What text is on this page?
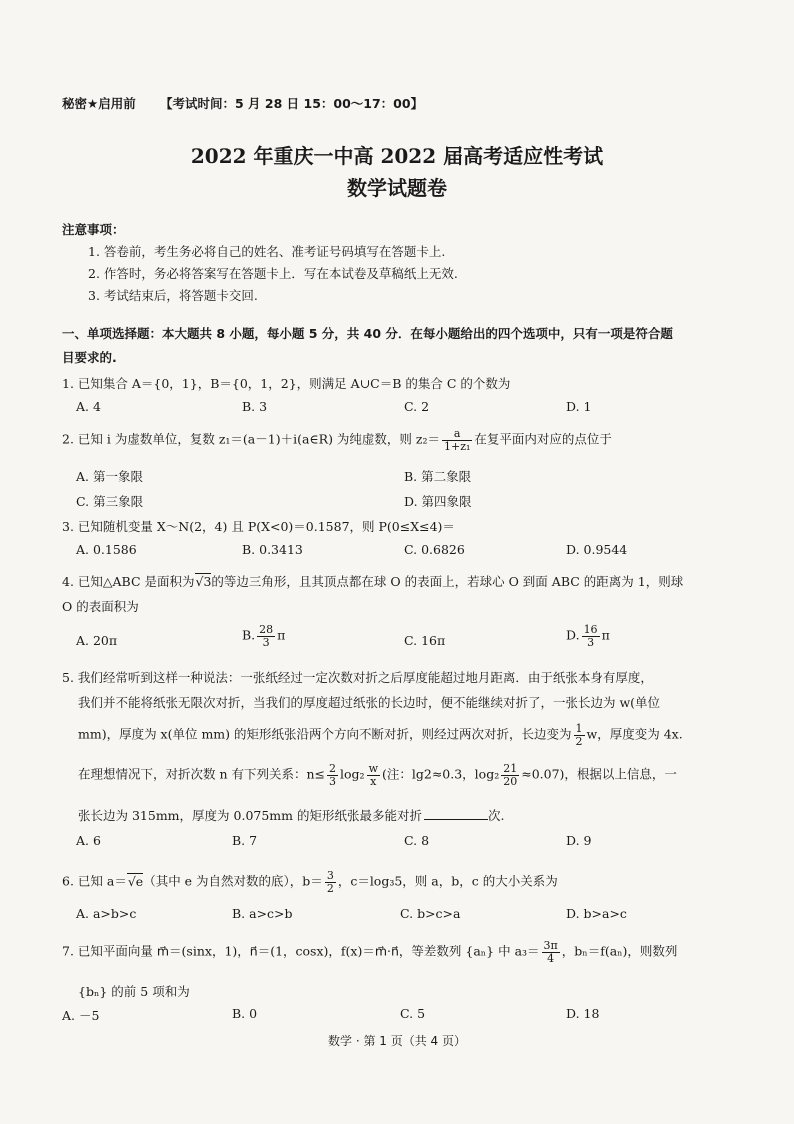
秘密★启用前 【考试时间：5 月 28 日 15：00～17：00】
2022 年重庆一中高 2022 届高考适应性考试
数学试题卷
注意事项：
1. 答卷前，考生务必将自己的姓名、准考证号码填写在答题卡上.
2. 作答时，务必将答案写在答题卡上．写在本试卷及草稿纸上无效.
3. 考试结束后，将答题卡交回.
一、单项选择题：本大题共 8 小题，每小题 5 分，共 40 分．在每小题给出的四个选项中，只有一项是符合题
目要求的.
1. 已知集合 A＝{0，1}，B＝{0，1，2}，则满足 A∪C＝B 的集合 C 的个数为
A. 4	B. 3	C. 2	D. 1
2. 已知 i 为虚数单位，复数 z₁＝(a－1)＋i(a∈R) 为纯虚数，则 $z_2= \frac{a}{\text{1+z₁}}$ 在复平面内对应的点位于
A. 第一象限	B. 第二象限
C. 第三象限	D. 第四象限
3. 已知随机变量 X～N(2，4) 且 P(X<0)＝0.1587，则 P(0≤X≤4)＝
A. 0.1586	B. 0.3413	C. 0.6826	D. 0.9544
4. 已知△ABC 是面积为√3的等边三角形，且其顶点都在球 O 的表面上，若球心 O 到面 ABC 的距离为 1，则球
O 的表面积为
A. 20π	B. $\frac{28}{3}$ π	C. 16π	D. $\frac{16}{3}$ π
5. 我们经常听到这样一种说法：一张纸经过一定次数对折之后厚度能超过地月距离．由于纸张本身有厚度，
我们并不能将纸张无限次对折，当我们的厚度超过纸张的长边时，便不能继续对折了，一张长边为 w(单位
mm)，厚度为 x(单位 mm) 的矩形纸张沿两个方向不断对折，则经过两次对折，长边变为 $\frac{1}{2}$ w，厚度变为 4x.
在理想情况下，对折次数 n 有下列关系：$n\le \frac{2}{3} \log_2 \frac{w}{x}$ (注：lg2≈0.3，$\log_2 \frac{21}{20} \approx 0.07$)，根据以上信息，一
张长边为 315mm，厚度为 0.075mm 的矩形纸张最多能对折	次.
A. 6	B. 7	C. 8	D. 9
6. 已知 a＝√e（其中 e 为自然对数的底），$b= \frac{3}{2}$ ，c＝log₃5，则 a，b，c 的大小关系为
A. a>b>c	B. a>c>b	C. b>c>a	D. b>a>c
7. 已知平面向量 m⃗＝(sinx，1)，n⃗＝(1，cosx)，f(x)＝m⃗·n⃗，等差数列 {aₙ} 中 $a_3= \frac{3\pi}{4}$ ，bₙ＝f(aₙ)，则数列
{bₙ} 的前 5 项和为
A. －5	B. 0	C. 5	D. 18
数学 · 第 1 页（共 4 页）
